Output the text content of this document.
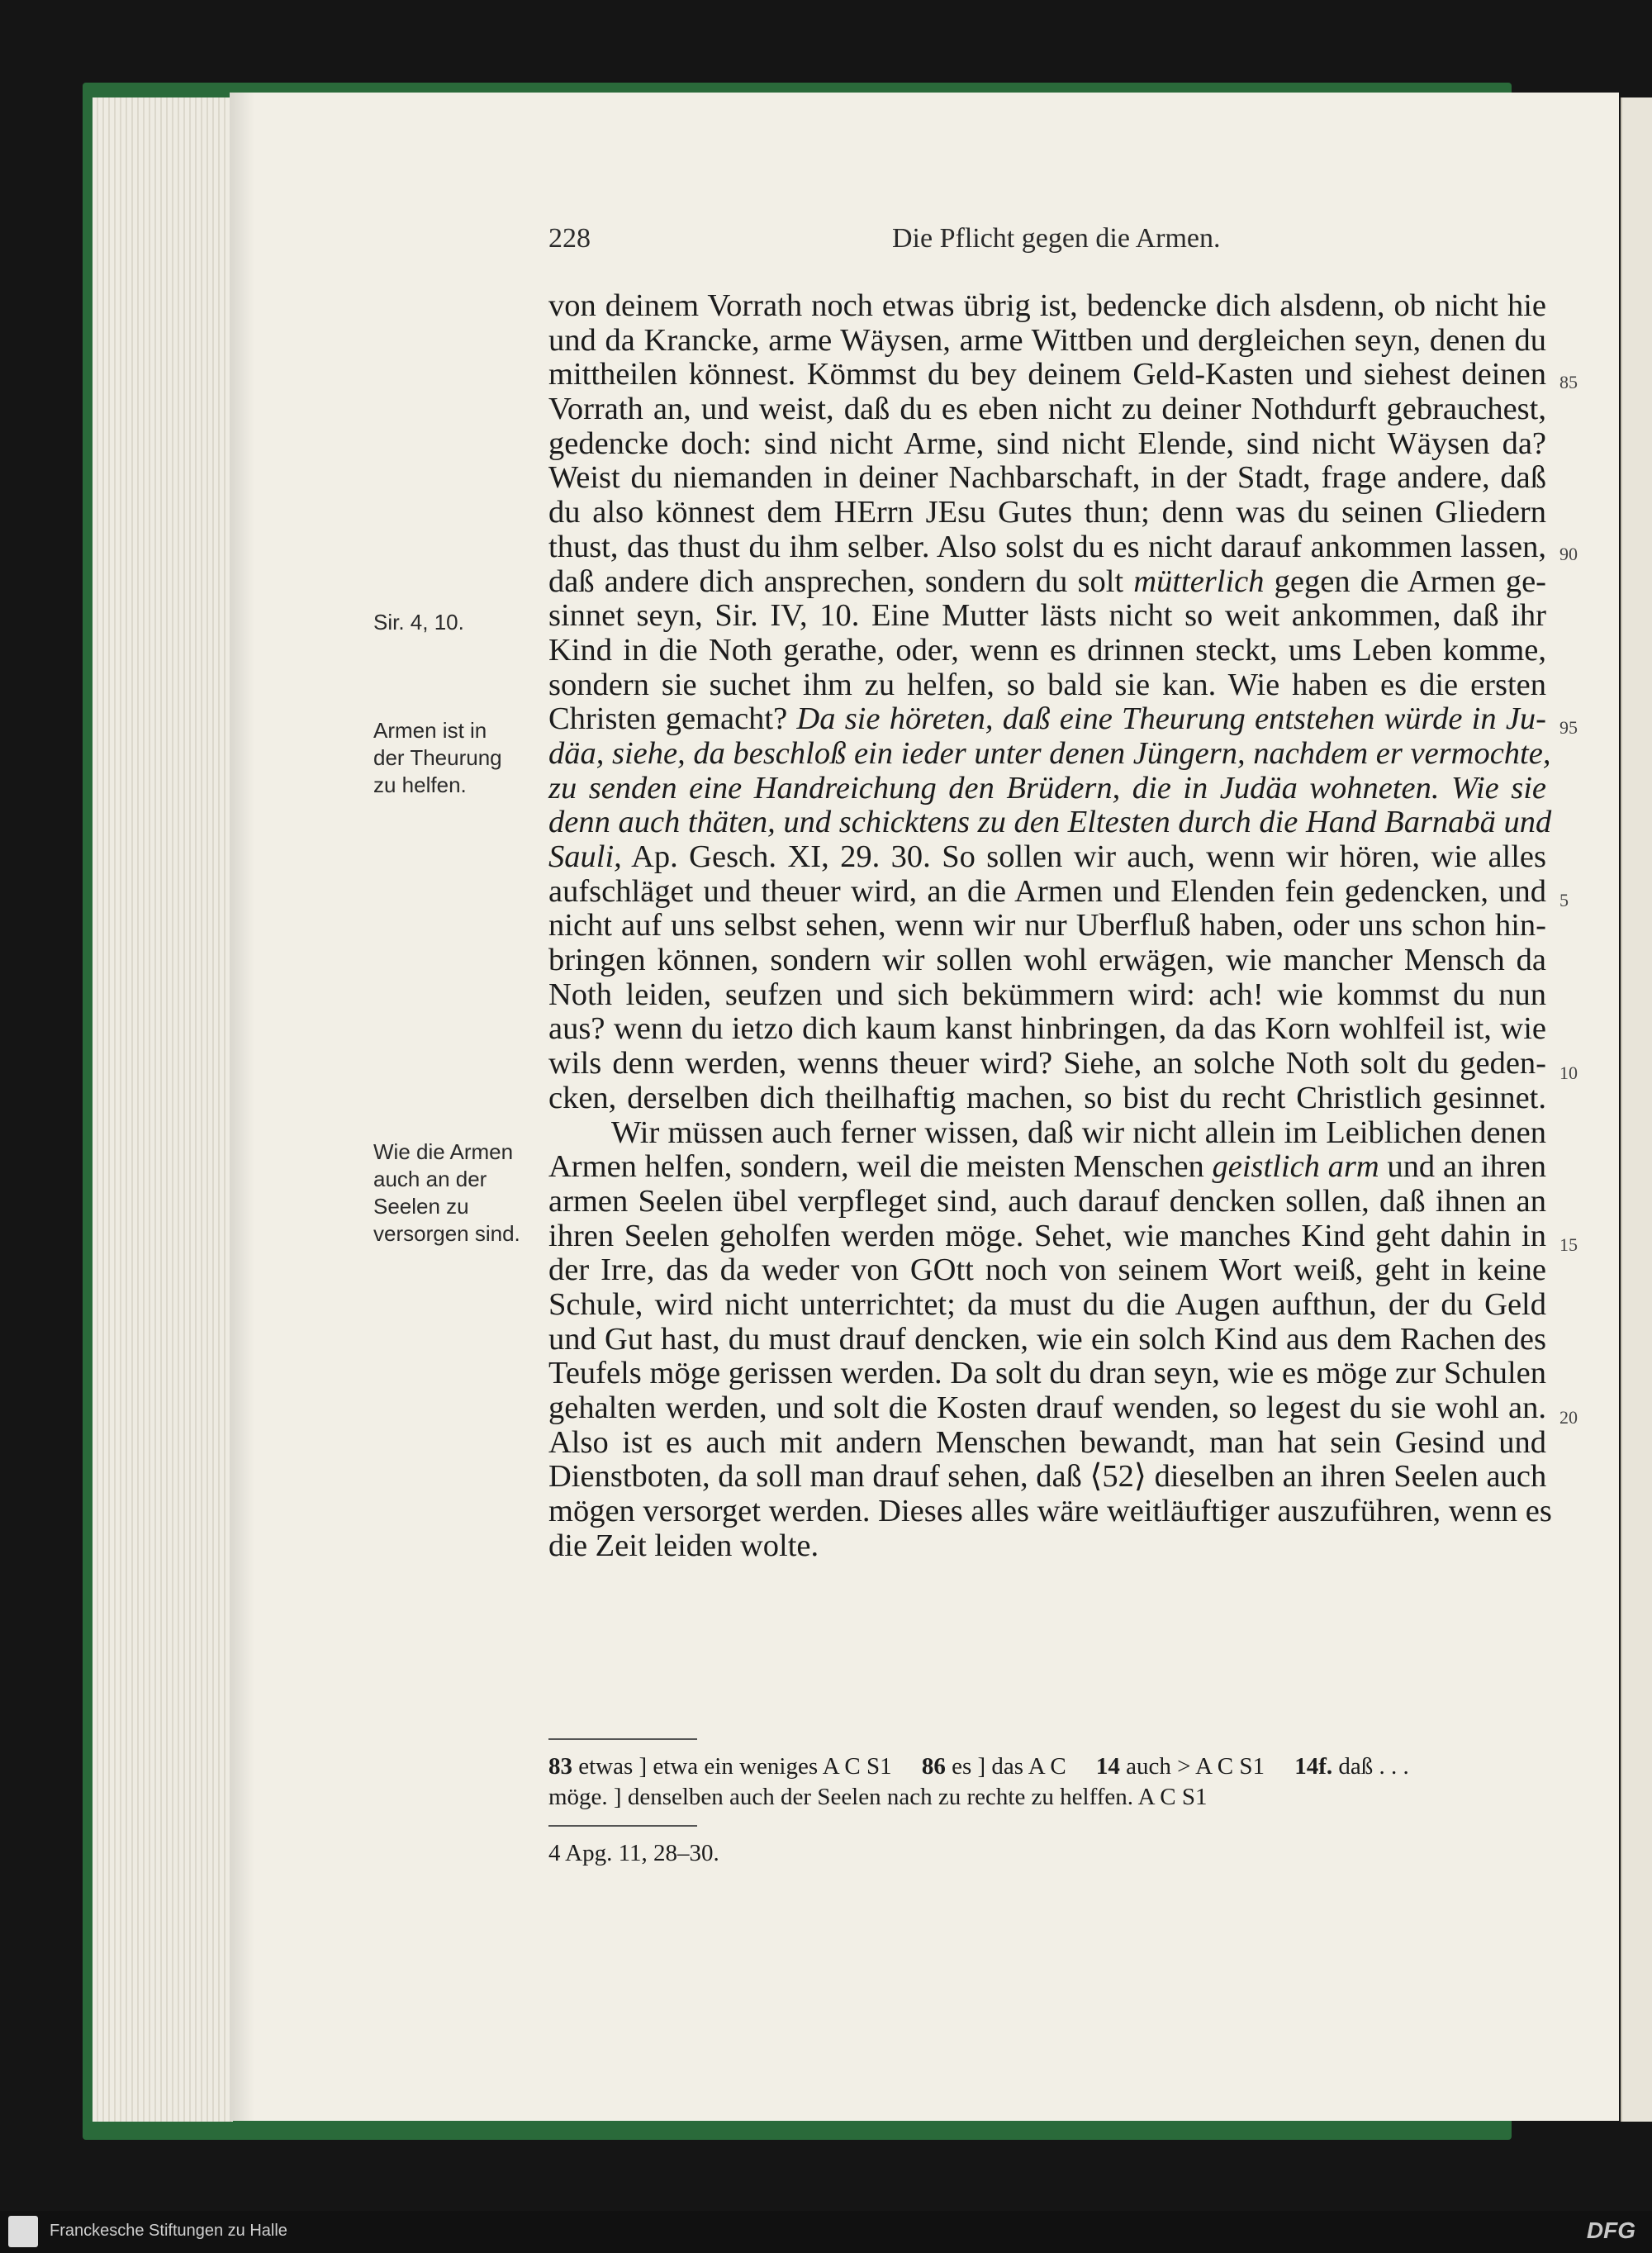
228	Die Pflicht gegen die Armen.
Sir. 4, 10.
Armen ist in der Theurung zu helfen.
Wie die Armen auch an der Seelen zu versorgen sind.
85
90
95
5
10
15
20
von deinem Vorrath noch etwas übrig ist, bedencke dich alsdenn, ob nicht hie
und da Krancke, arme Wäysen, arme Wittben und dergleichen seyn, denen du
mittheilen könnest. Kömmst du bey deinem Geld-Kasten und siehest deinen
Vorrath an, und weist, daß du es eben nicht zu deiner Nothdurft gebrauchest,
gedencke doch: sind nicht Arme, sind nicht Elende, sind nicht Wäysen da?
Weist du niemanden in deiner Nachbarschaft, in der Stadt, frage andere, daß
du also könnest dem HErrn JEsu Gutes thun; denn was du seinen Gliedern
thust, das thust du ihm selber. Also solst du es nicht darauf ankommen lassen,
daß andere dich ansprechen, sondern du solt mütterlich gegen die Armen ge-
sinnet seyn, Sir. IV, 10. Eine Mutter lästs nicht so weit ankommen, daß ihr
Kind in die Noth gerathe, oder, wenn es drinnen steckt, ums Leben komme,
sondern sie suchet ihm zu helfen, so bald sie kan. Wie haben es die ersten
Christen gemacht? Da sie höreten, daß eine Theurung entstehen würde in Ju-
däa, siehe, da beschloß ein ieder unter denen Jüngern, nachdem er vermochte,
zu senden eine Handreichung den Brüdern, die in Judäa wohneten. Wie sie
denn auch thäten, und schicktens zu den Eltesten durch die Hand Barnabä und
Sauli, Ap. Gesch. XI, 29. 30. So sollen wir auch, wenn wir hören, wie alles
aufschläget und theuer wird, an die Armen und Elenden fein gedencken, und
nicht auf uns selbst sehen, wenn wir nur Uberfluß haben, oder uns schon hin-
bringen können, sondern wir sollen wohl erwägen, wie mancher Mensch da
Noth leiden, seufzen und sich bekümmern wird: ach! wie kommst du nun
aus? wenn du ietzo dich kaum kanst hinbringen, da das Korn wohlfeil ist, wie
wils denn werden, wenns theuer wird? Siehe, an solche Noth solt du geden-
cken, derselben dich theilhaftig machen, so bist du recht Christlich gesinnet.
Wir müssen auch ferner wissen, daß wir nicht allein im Leiblichen denen
Armen helfen, sondern, weil die meisten Menschen geistlich arm und an ihren
armen Seelen übel verpfleget sind, auch darauf dencken sollen, daß ihnen an
ihren Seelen geholfen werden möge. Sehet, wie manches Kind geht dahin in
der Irre, das da weder von GOtt noch von seinem Wort weiß, geht in keine
Schule, wird nicht unterrichtet; da must du die Augen aufthun, der du Geld
und Gut hast, du must drauf dencken, wie ein solch Kind aus dem Rachen des
Teufels möge gerissen werden. Da solt du dran seyn, wie es möge zur Schulen
gehalten werden, und solt die Kosten drauf wenden, so legest du sie wohl an.
Also ist es auch mit andern Menschen bewandt, man hat sein Gesind und
Dienstboten, da soll man drauf sehen, daß ⟨52⟩ dieselben an ihren Seelen auch
mögen versorget werden. Dieses alles wäre weitläuftiger auszuführen, wenn es
die Zeit leiden wolte.
83 etwas ] etwa ein weniges A C S1 86 es ] das A C 14 auch > A C S1 14f. daß . . .
möge. ] denselben auch der Seelen nach zu rechte zu helffen. A C S1
4 Apg. 11, 28–30.
Franckesche Stiftungen zu Halle	DFG
